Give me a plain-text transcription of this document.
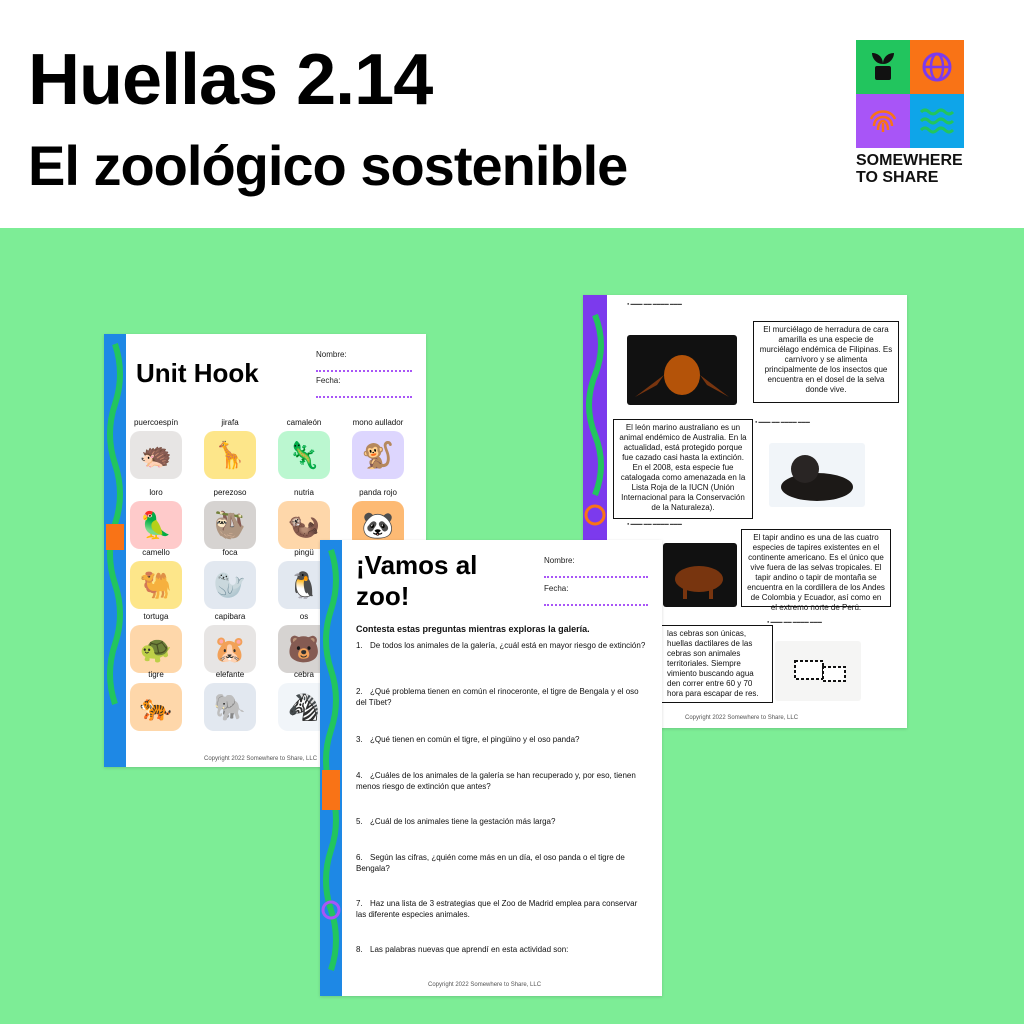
Huellas 2.14
El zoológico sostenible	SOMEWHERE
TO SHARE
Unit Hook
Nombre:
Fecha:
puercoespín
🦔
jirafa
🦒
camaleón
🦎
mono aullador
🐒
loro
🦜
perezoso
🦥
nutria
🦦
panda rojo
🐼
camello
🐫
foca
🦭
pingü
🐧
tortuga
🐢
capibara
🐹
os
🐻
tigre
🐅
elefante
🐘
cebra
🦓
Copyright 2022 Somewhere to Share, LLC
● ▬▬▬ ▬▬ ▬▬▬▬ ▬▬▬
El murciélago de herradura de cara amarilla es una especie de murciélago endémica de Filipinas. Es carnívoro y se alimenta principalmente de los insectos que encuentra en el dosel de la selva donde vive.
El león marino australiano es un animal endémico de Australia. En la actualidad, está protegido porque fue cazado casi hasta la extinción. En el 2008, esta especie fue catalogada como amenazada en la Lista Roja de la IUCN (Unión Internacional para la Conservación de la Naturaleza).
● ▬▬▬ ▬▬ ▬▬▬▬ ▬▬▬
● ▬▬▬ ▬▬ ▬▬▬▬ ▬▬▬
El tapir andino es una de las cuatro especies de tapires existentes en el continente americano. Es el único que vive fuera de las selvas tropicales. El tapir andino o tapir de montaña se encuentra en la cordillera de los Andes de Colombia y Ecuador, así como en el extremo norte de Perú.
las cebras son únicas, huellas dactilares de las cebras son animales territoriales. Siempre vimiento buscando agua den correr entre 60 y 70 hora para escapar de res.
● ▬▬▬ ▬▬ ▬▬▬▬ ▬▬▬
Copyright 2022 Somewhere to Share, LLC
¡Vamos al
zoo!
Nombre:
Fecha:
Contesta estas preguntas mientras exploras la galería.
1. De todos los animales de la galería, ¿cuál está en mayor riesgo de extinción?
2. ¿Qué problema tienen en común el rinoceronte, el tigre de Bengala y el oso del Tíbet?
3. ¿Qué tienen en común el tigre, el pingüino y el oso panda?
4. ¿Cuáles de los animales de la galería se han recuperado y, por eso, tienen menos riesgo de extinción que antes?
5. ¿Cuál de los animales tiene la gestación más larga?
6. Según las cifras, ¿quién come más en un día, el oso panda o el tigre de Bengala?
7. Haz una lista de 3 estrategias que el Zoo de Madrid emplea para conservar las diferente especies animales.
8. Las palabras nuevas que aprendí en esta actividad son:
Copyright 2022 Somewhere to Share, LLC
